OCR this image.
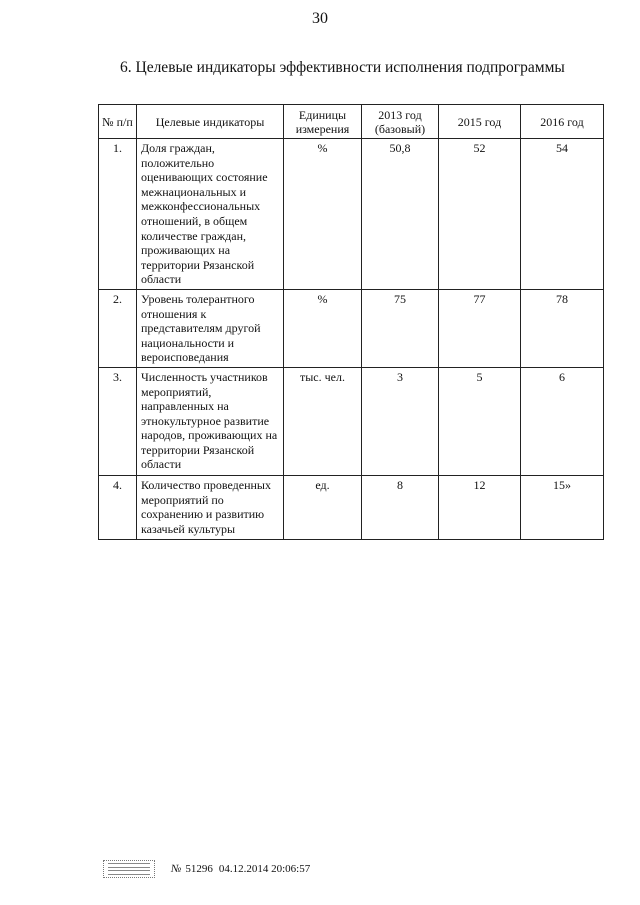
30
6. Целевые индикаторы эффективности исполнения подпрограммы
№ п/п	Целевые индикаторы	Единицы измерения	2013 год (базовый)	2015 год	2016 год
1.	Доля граждан, положительно оценивающих состояние межнациональных и межконфессиональных отношений, в общем количестве граждан, проживающих на территории Рязанской области	%	50,8	52	54
2.	Уровень толерантного отношения к представителям другой национальности и вероисповедания	%	75	77	78
3.	Численность участников мероприятий, направленных на этнокультурное развитие народов, проживающих на территории Рязанской области	тыс. чел.	3	5	6
4.	Количество проведенных мероприятий по сохранению и развитию казачьей культуры	ед.	8	12	15»
№ 51296 04.12.2014 20:06:57
